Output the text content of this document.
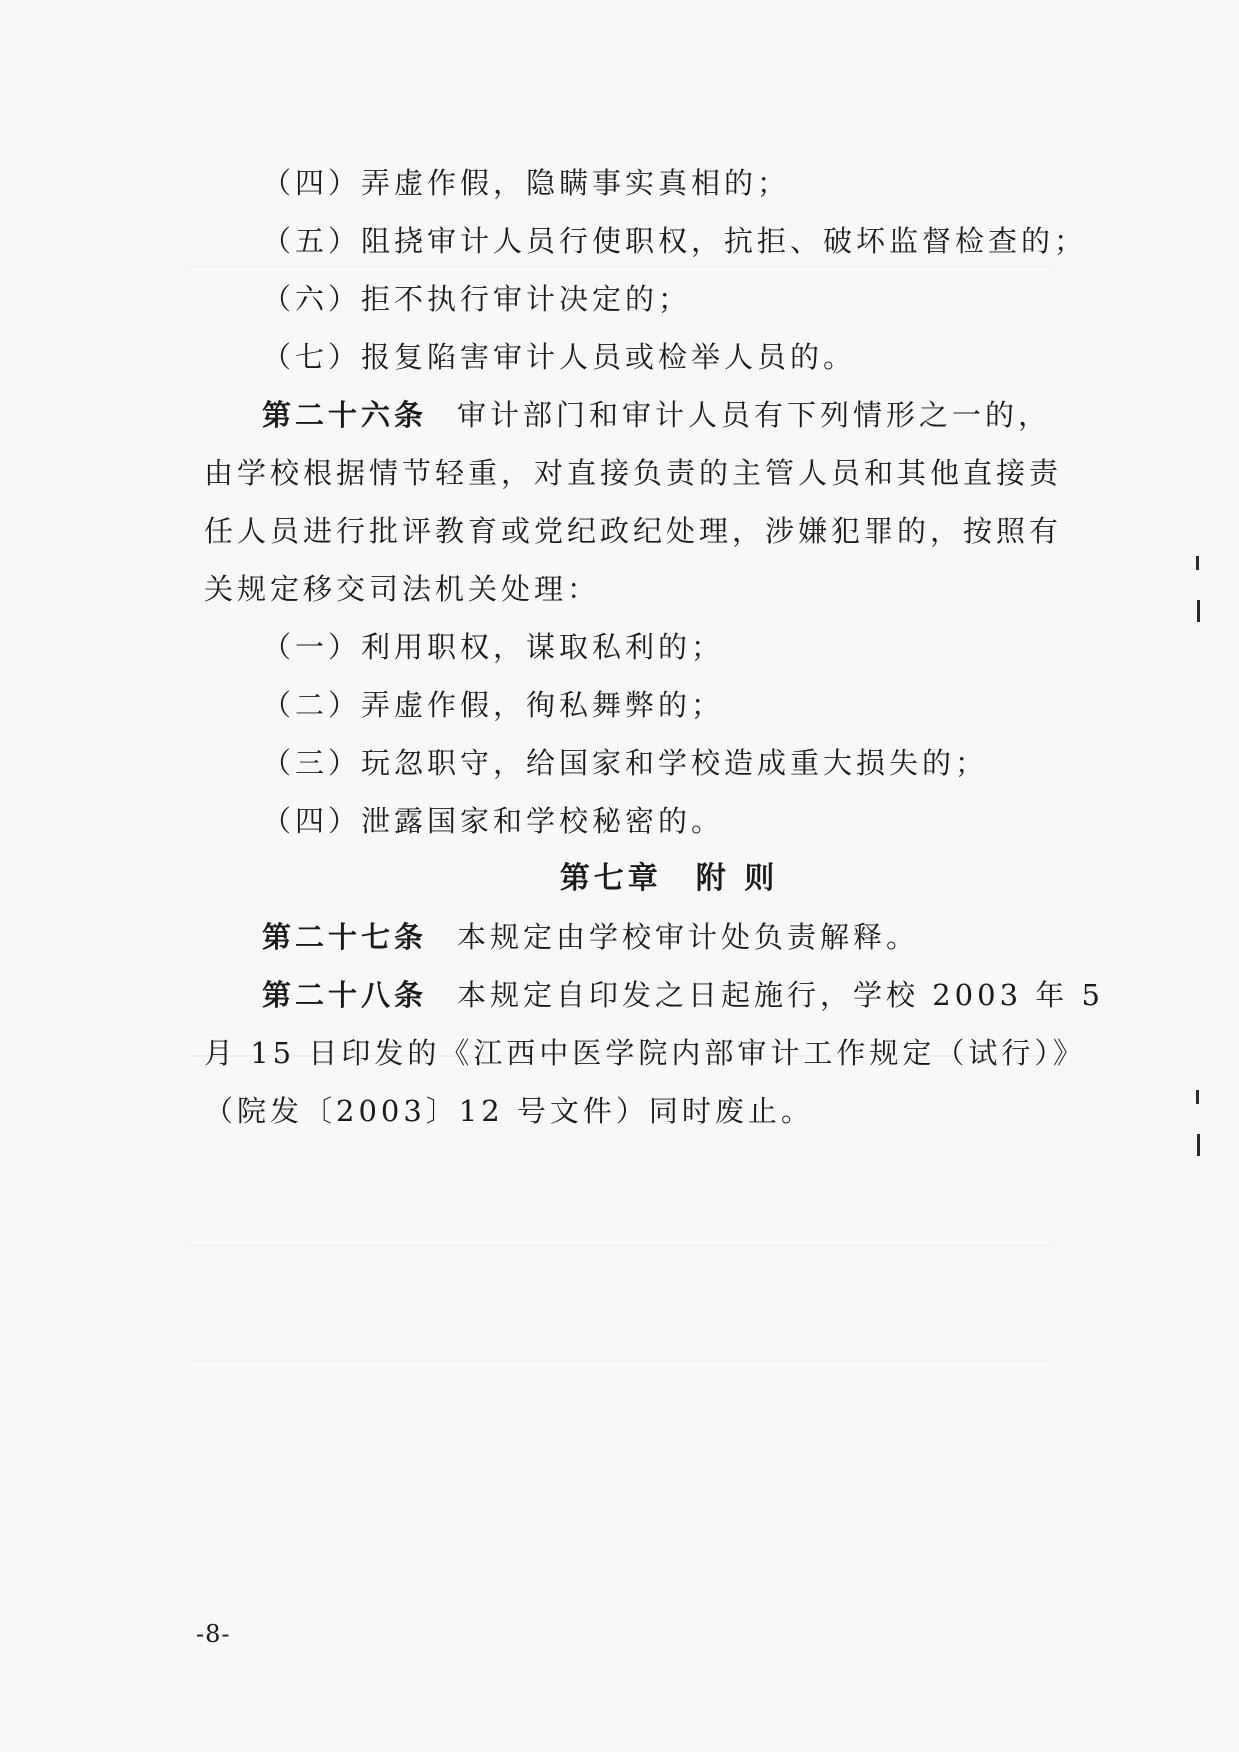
（四）弄虚作假，隐瞒事实真相的；
（五）阻挠审计人员行使职权，抗拒、破坏监督检查的；
（六）拒不执行审计决定的；
（七）报复陷害审计人员或检举人员的。
第二十六条 审计部门和审计人员有下列情形之一的，
由学校根据情节轻重，对直接负责的主管人员和其他直接责
任人员进行批评教育或党纪政纪处理，涉嫌犯罪的，按照有
关规定移交司法机关处理：
（一）利用职权，谋取私利的；
（二）弄虚作假，徇私舞弊的；
（三）玩忽职守，给国家和学校造成重大损失的；
（四）泄露国家和学校秘密的。
第七章　附 则
第二十七条 本规定由学校审计处负责解释。
第二十八条 本规定自印发之日起施行，学校 2003 年 5
月 15 日印发的《江西中医学院内部审计工作规定（试行）》
（院发〔2003〕12 号文件）同时废止。
-8-
